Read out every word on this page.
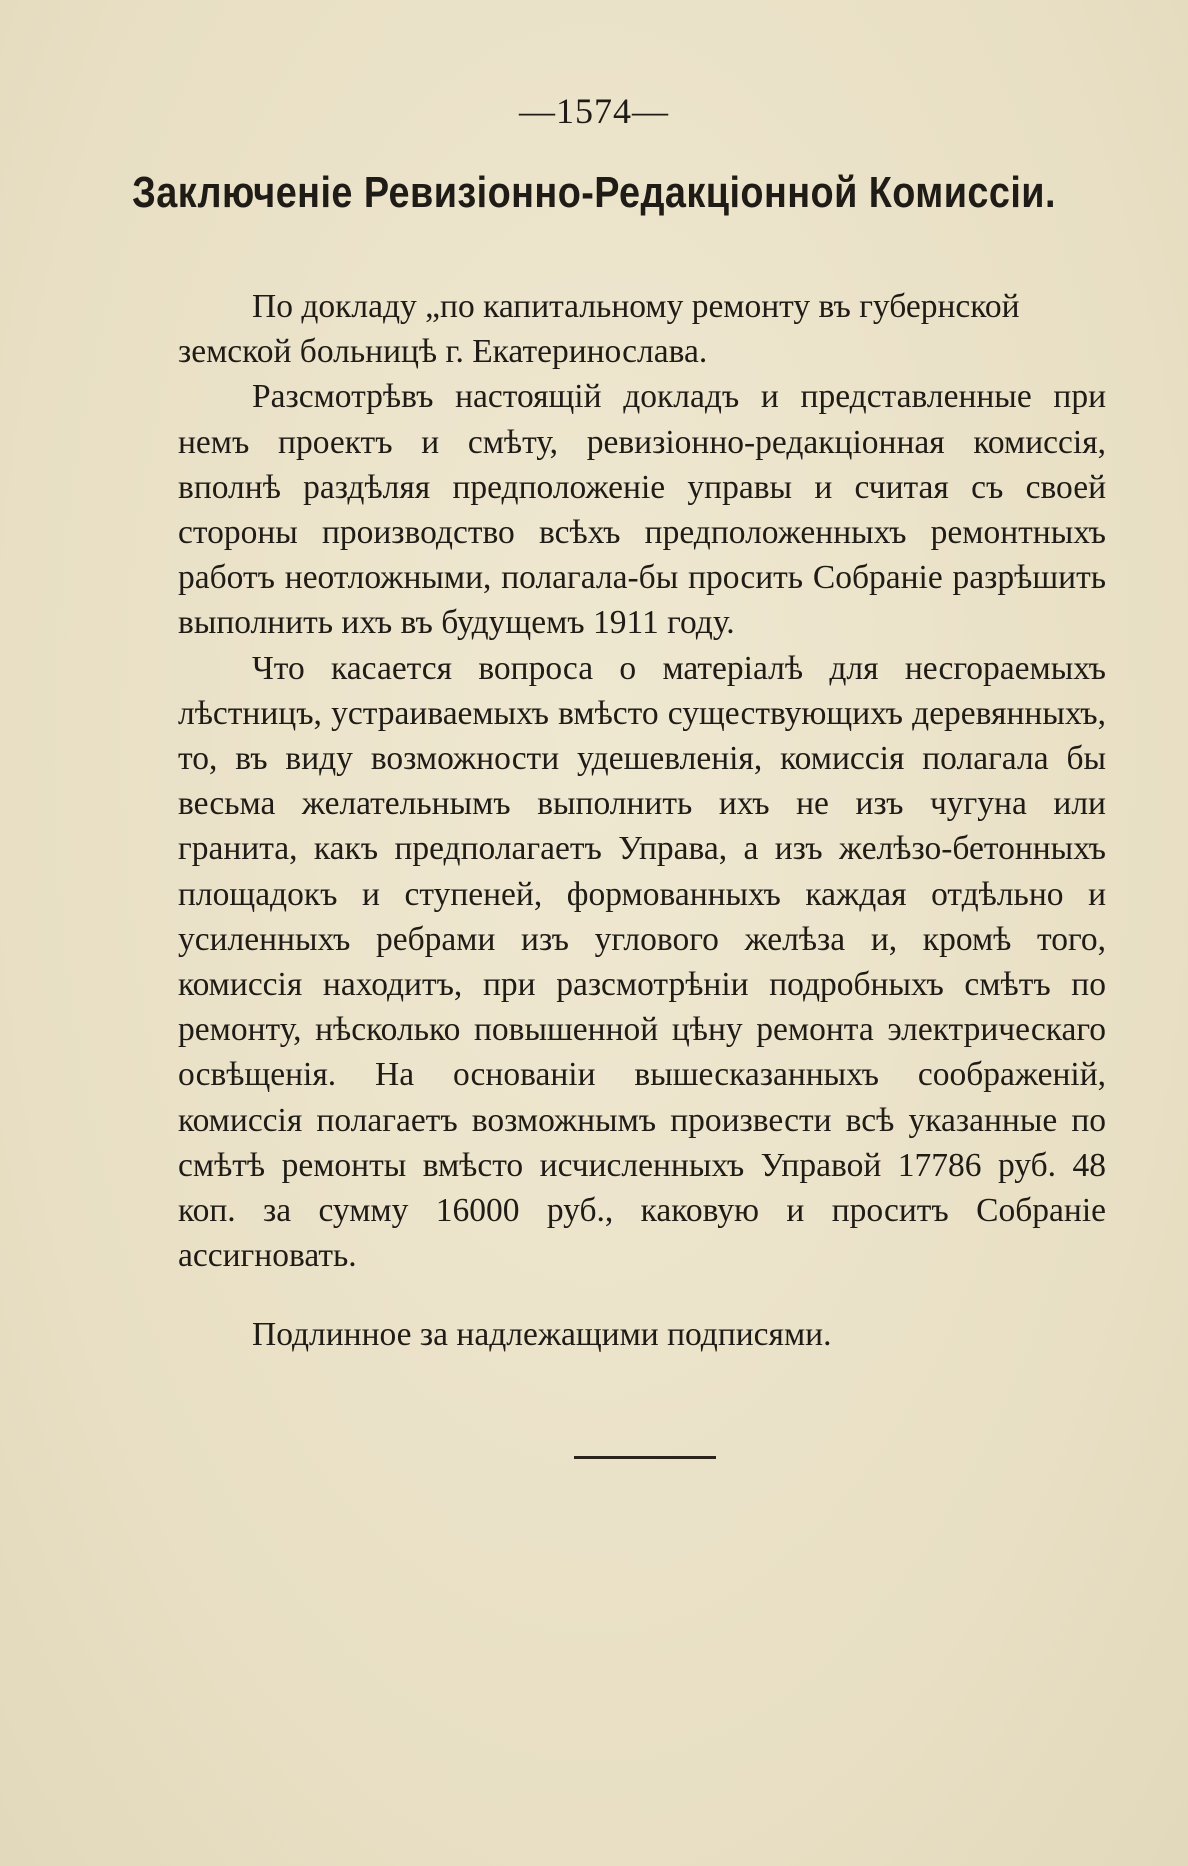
—1574—
Заключенiе Ревизiонно-Редакцiонной Комиссiи.

По докладу „по капитальному ремонту въ губернской земской больницѣ г. Екатеринослава.

Разсмотрѣвъ настоящiй докладъ и представленные при немъ проектъ и смѣту, ревизiонно-редакцiонная комиссiя, вполнѣ раздѣляя предположенiе управы и считая съ своей стороны производство всѣхъ предположенныхъ ремонтныхъ работъ неотложными, полагала-бы просить Собранiе разрѣшить выполнить ихъ въ будущемъ 1911 году.

Что касается вопроса о матерiалѣ для несгораемыхъ лѣстницъ, устраиваемыхъ вмѣсто существующихъ деревянныхъ, то, въ виду возможности удешевленiя, комиссiя полагала бы весьма желательнымъ выполнить ихъ не изъ чугуна или гранита, какъ предполагаетъ Управа, а изъ желѣзо-бетонныхъ площадокъ и ступеней, формованныхъ каждая отдѣльно и усиленныхъ ребрами изъ углового желѣза и, кромѣ того, комиссiя находитъ, при разсмотрѣнiи подробныхъ смѣтъ по ремонту, нѣсколько повышенной цѣну ремонта электрическаго освѣщенiя. На основанiи вышесказанныхъ соображенiй, комиссiя полагаетъ возможнымъ произвести всѣ указанные по смѣтѣ ремонты вмѣсто исчисленныхъ Управой 17786 руб. 48 коп. за сумму 16000 руб., каковую и проситъ Собранiе ассигновать.

Подлинное за надлежащими подписями.
